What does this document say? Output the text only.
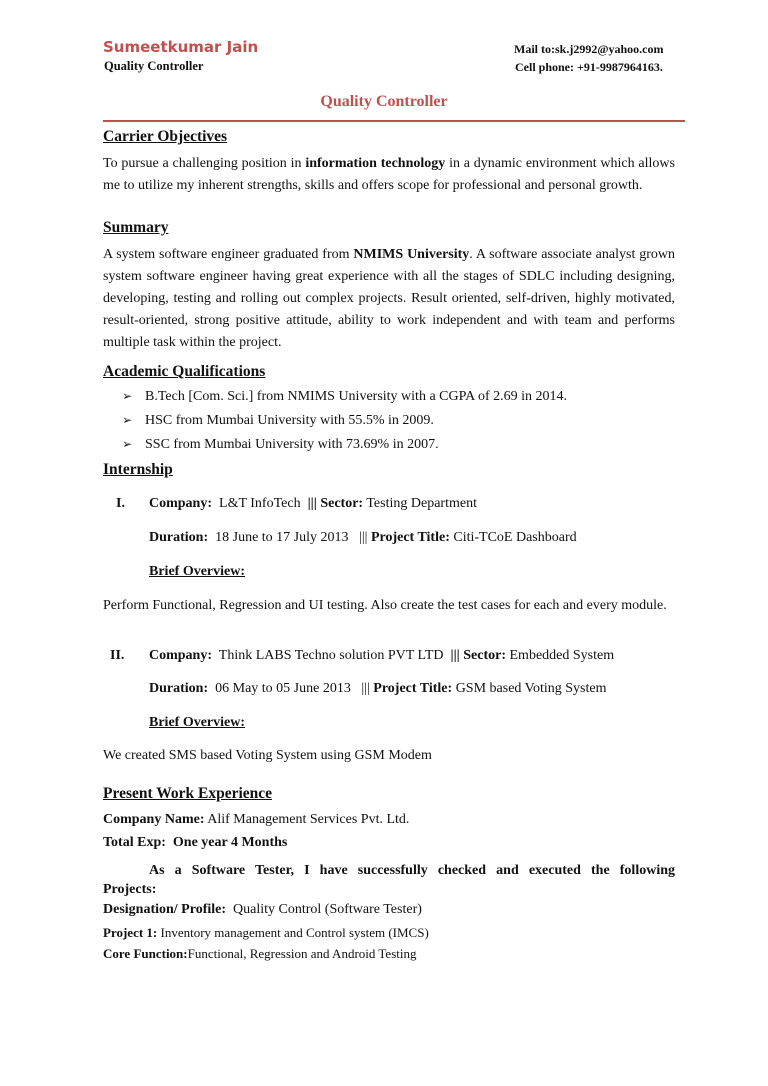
Sumeetkumar Jain
Quality Controller
Mail to:sk.j2992@yahoo.com
Cell phone: +91-9987964163.
Quality Controller
Carrier Objectives
To pursue a challenging position in information technology in a dynamic environment which allows me to utilize my inherent strengths, skills and offers scope for professional and personal growth.
Summary
A system software engineer graduated from NMIMS University. A software associate analyst grown system software engineer having great experience with all the stages of SDLC including designing, developing, testing and rolling out complex projects. Result oriented, self-driven, highly motivated, result-oriented, strong positive attitude, ability to work independent and with team and performs multiple task within the project.
Academic Qualifications
➢ B.Tech [Com. Sci.] from NMIMS University with a CGPA of 2.69 in 2014.
➢ HSC from Mumbai University with 55.5% in 2009.
➢ SSC from Mumbai University with 73.69% in 2007.
Internship
I. Company: L&T InfoTech ||| Sector: Testing Department
Duration: 18 June to 17 July 2013 ||| Project Title: Citi-TCoE Dashboard
Brief Overview:
Perform Functional, Regression and UI testing. Also create the test cases for each and every module.
II. Company: Think LABS Techno solution PVT LTD ||| Sector: Embedded System
Duration: 06 May to 05 June 2013 ||| Project Title: GSM based Voting System
Brief Overview:
We created SMS based Voting System using GSM Modem
Present Work Experience
Company Name: Alif Management Services Pvt. Ltd.
Total Exp: One year 4 Months
As a Software Tester, I have successfully checked and executed the following
Projects:
Designation/ Profile: Quality Control (Software Tester)
Project 1: Inventory management and Control system (IMCS)
Core Function:Functional, Regression and Android Testing
